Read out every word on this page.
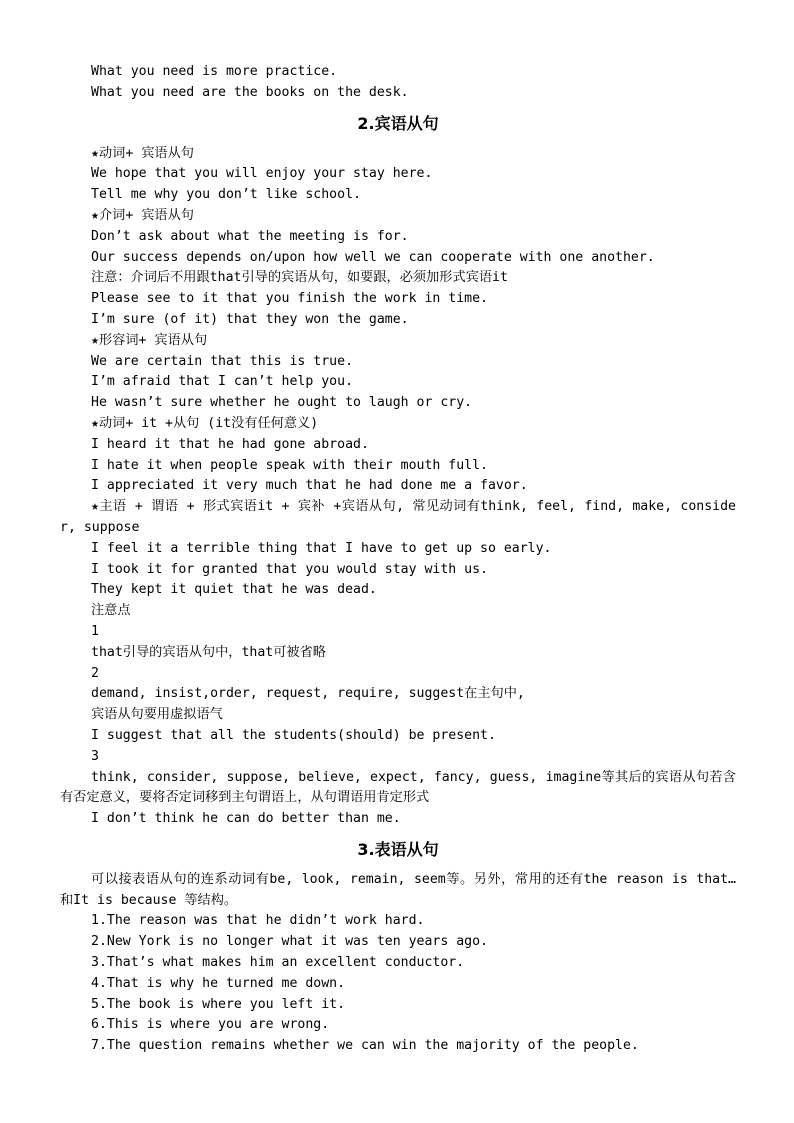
What you need is more practice.
What you need are the books on the desk.
2.宾语从句
★动词+ 宾语从句
We hope that you will enjoy your stay here.
Tell me why you don’t like school.
★介词+ 宾语从句
Don’t ask about what the meeting is for.
Our success depends on/upon how well we can cooperate with one another.
注意：介词后不用跟that引导的宾语从句，如要跟，必须加形式宾语it
Please see to it that you finish the work in time.
I’m sure (of it) that they won the game.
★形容词+ 宾语从句
We are certain that this is true.
I’m afraid that I can’t help you.
He wasn’t sure whether he ought to laugh or cry.
★动词+ it +从句 (it没有任何意义)
I heard it that he had gone abroad.
I hate it when people speak with their mouth full.
I appreciated it very much that he had done me a favor.
★主语 + 谓语 + 形式宾语it + 宾补 +宾语从句, 常见动词有think, feel, find, make, consider, suppose
I feel it a terrible thing that I have to get up so early.
I took it for granted that you would stay with us.
They kept it quiet that he was dead.
注意点
1
that引导的宾语从句中，that可被省略
2
demand, insist,order, request, require, suggest在主句中,
宾语从句要用虚拟语气
I suggest that all the students(should) be present.
3
think, consider, suppose, believe, expect, fancy, guess, imagine等其后的宾语从句若含有否定意义，要将否定词移到主句谓语上，从句谓语用肯定形式
I don’t think he can do better than me.
3.表语从句
可以接表语从句的连系动词有be, look, remain, seem等。另外，常用的还有the reason is that… 和It is because 等结构。
1.The reason was that he didn’t work hard.
2.New York is no longer what it was ten years ago.
3.That’s what makes him an excellent conductor.
4.That is why he turned me down.
5.The book is where you left it.
6.This is where you are wrong.
7.The question remains whether we can win the majority of the people.
